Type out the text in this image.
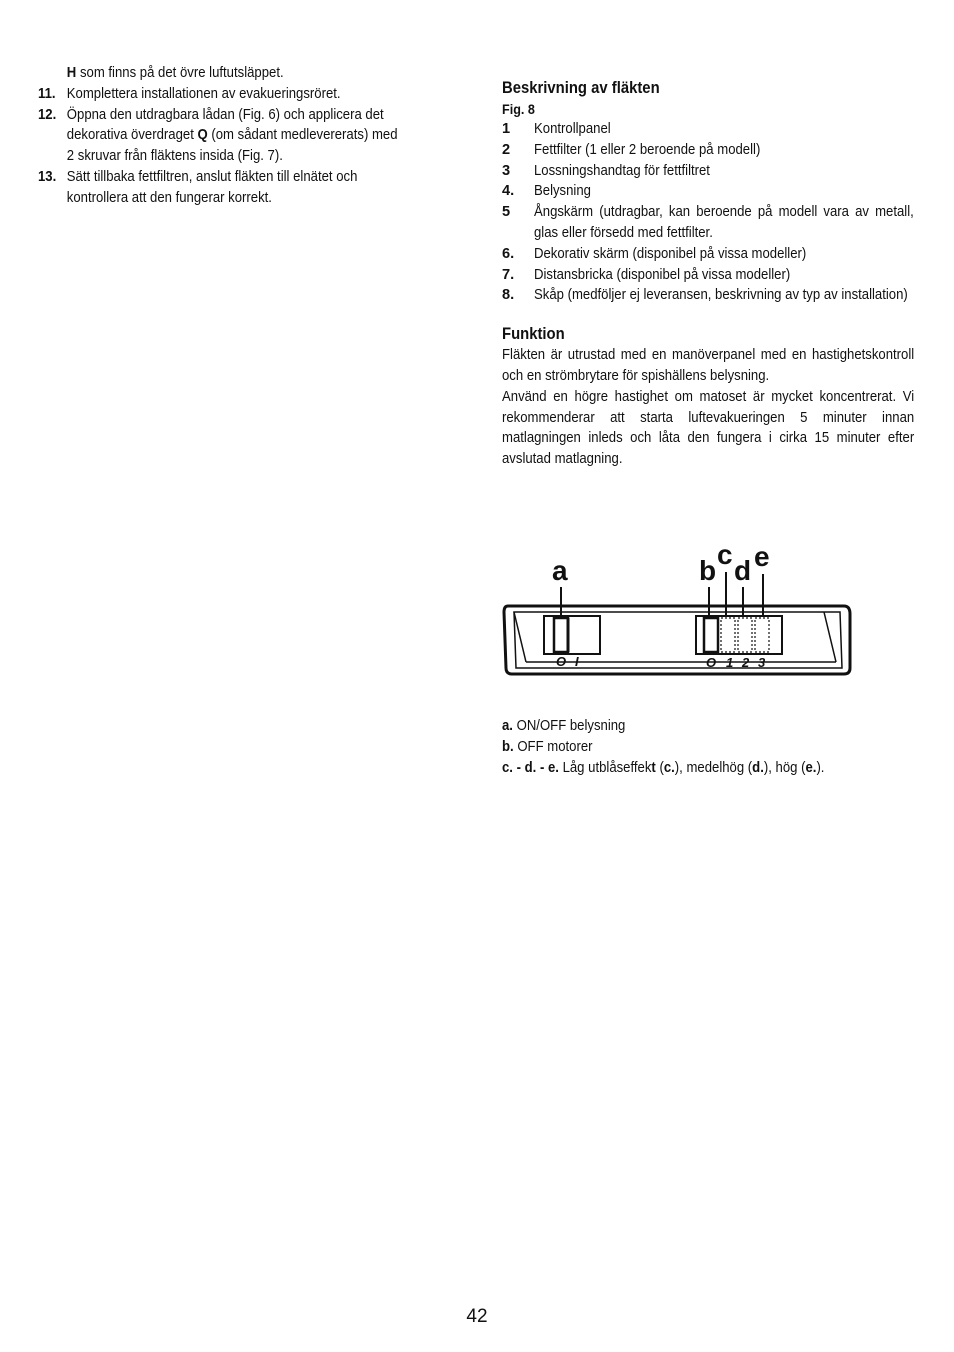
H som finns på det övre luftutsläppet.
11. Komplettera installationen av evakueringsröret.
12. Öppna den utdragbara lådan (Fig. 6) och applicera det dekorativa överdraget Q (om sådant medlevererats) med 2 skruvar från fläktens insida (Fig. 7).
13. Sätt tillbaka fettfiltren, anslut fläkten till elnätet och kontrollera att den fungerar korrekt.
Beskrivning av fläkten
Fig. 8
1 Kontrollpanel
2 Fettfilter (1 eller 2 beroende på modell)
3 Lossningshandtag för fettfiltret
4. Belysning
5 Ångskärm (utdragbar, kan beroende på modell vara av metall, glas eller försedd med fettfilter.
6. Dekorativ skärm (disponibel på vissa modeller)
7. Distansbricka (disponibel på vissa modeller)
8. Skåp (medföljer ej leveransen, beskrivning av typ av installation)
Funktion

Fläkten är utrustad med en manöverpanel med en hastighetskontroll och en strömbrytare för spishällens belysning.

Använd en högre hastighet om matoset är mycket koncentrerat. Vi rekommenderar att starta luftevakueringen 5 minuter innan matlagningen inleds och låta den fungera i cirka 15 minuter efter avslutad matlagning.

a	b
c
d e
O I	O 1 2 3
a. ON/OFF belysning
b. OFF motorer
c. - d. - e. Låg utblåseffekt (c.), medelhög (d.), hög (e.).
42
